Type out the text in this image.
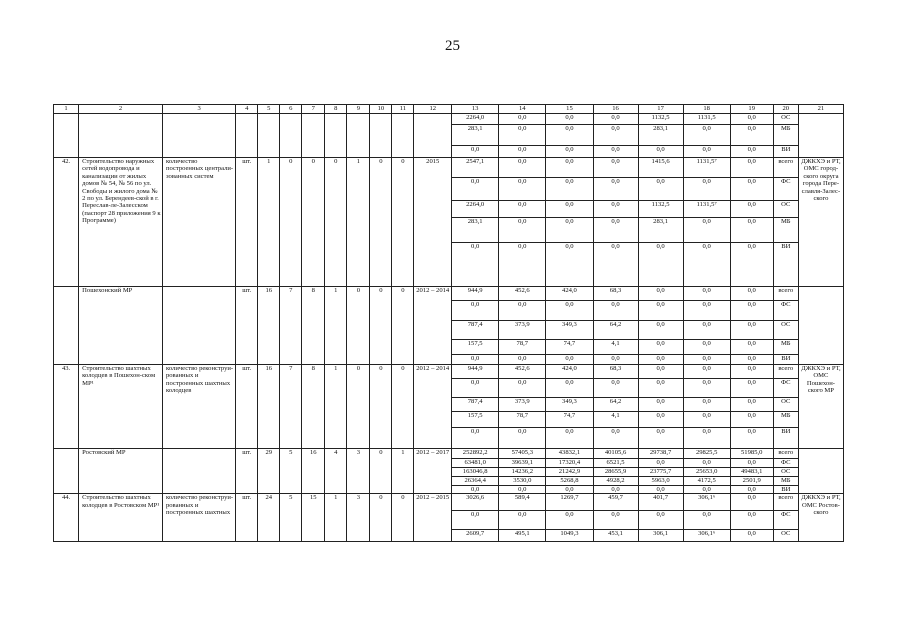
25
1	2	3	4	5	6	7	8	9	10	11	12	13	14	15	16	17	18	19	20	21
												2264,0	0,0	0,0	0,0	1132,5	1131,5	0,0	ОС	
												283,1	0,0	0,0	0,0	283,1	0,0	0,0	МБ	
												0,0	0,0	0,0	0,0	0,0	0,0	0,0	ВИ	
42.	Строительство наружных сетей водопровода и канализации от жилых домов № 54, № 56 по ул. Свободы и жилого дома № 2 по ул. Берендеев-ской в г. Переслав-ле-Залесском (паспорт 28 приложения 9 к Программе)	количество построенных централи-зованных систем	шт.	1	0	0	0	1	0	0	2015	2547,1	0,0	0,0	0,0	1415,6	1131,5⁷	0,0	всего	ДЖКХЭ и РТ, ОМС город-ского округа города Пере-славля-Залес-ского
												0,0	0,0	0,0	0,0	0,0	0,0	0,0	ФС	
												2264,0	0,0	0,0	0,0	1132,5	1131,5⁷	0,0	ОС	
												283,1	0,0	0,0	0,0	283,1	0,0	0,0	МБ	
												0,0	0,0	0,0	0,0	0,0	0,0	0,0	ВИ	
	Пошехонский МР		шт.	16	7	8	1	0	0	0	2012 – 2014	944,9	452,6	424,0	68,3	0,0	0,0	0,0	всего	
												0,0	0,0	0,0	0,0	0,0	0,0	0,0	ФС	
												787,4	373,9	349,3	64,2	0,0	0,0	0,0	ОС	
												157,5	78,7	74,7	4,1	0,0	0,0	0,0	МБ	
												0,0	0,0	0,0	0,0	0,0	0,0	0,0	ВИ	
43.	Строительство шахтных колодцев в Пошехон-ском МР¹	количество реконструи-рованных и построенных шахтных колодцев	шт.	16	7	8	1	0	0	0	2012 – 2014	944,9	452,6	424,0	68,3	0,0	0,0	0,0	всего	ДЖКХЭ и РТ, ОМС Пошехон-ского МР
												0,0	0,0	0,0	0,0	0,0	0,0	0,0	ФС	
												787,4	373,9	349,3	64,2	0,0	0,0	0,0	ОС	
												157,5	78,7	74,7	4,1	0,0	0,0	0,0	МБ	
												0,0	0,0	0,0	0,0	0,0	0,0	0,0	ВИ	
	Ростовский МР		шт.	29	5	16	4	3	0	1	2012 – 2017	252892,2	57405,3	43832,1	40105,6	29738,7	29825,5	51985,0	всего	
												63481,0	39639,1	17320,4	6521,5	0,0	0,0	0,0	ФС	
												163046,8	14236,2	21242,9	28655,9	23775,7	25653,0	49483,1	ОС	
												26364,4	3530,0	5268,8	4928,2	5963,0	4172,5	2501,9	МБ	
												0,0	0,0	0,0	0,0	0,0	0,0	0,0	ВИ	
44.	Строительство шахтных колодцев в Ростовском МР¹	количество реконструи-рованных и построенных шахтных	шт.	24	5	15	1	3	0	0	2012 – 2015	3026,6	589,4	1269,7	459,7	401,7	306,1⁶	0,0	всего	ДЖКХЭ и РТ, ОМС Ростов-ского
												0,0	0,0	0,0	0,0	0,0	0,0	0,0	ФС	
												2609,7	495,1	1049,3	453,1	306,1	306,1⁶	0,0	ОС	
